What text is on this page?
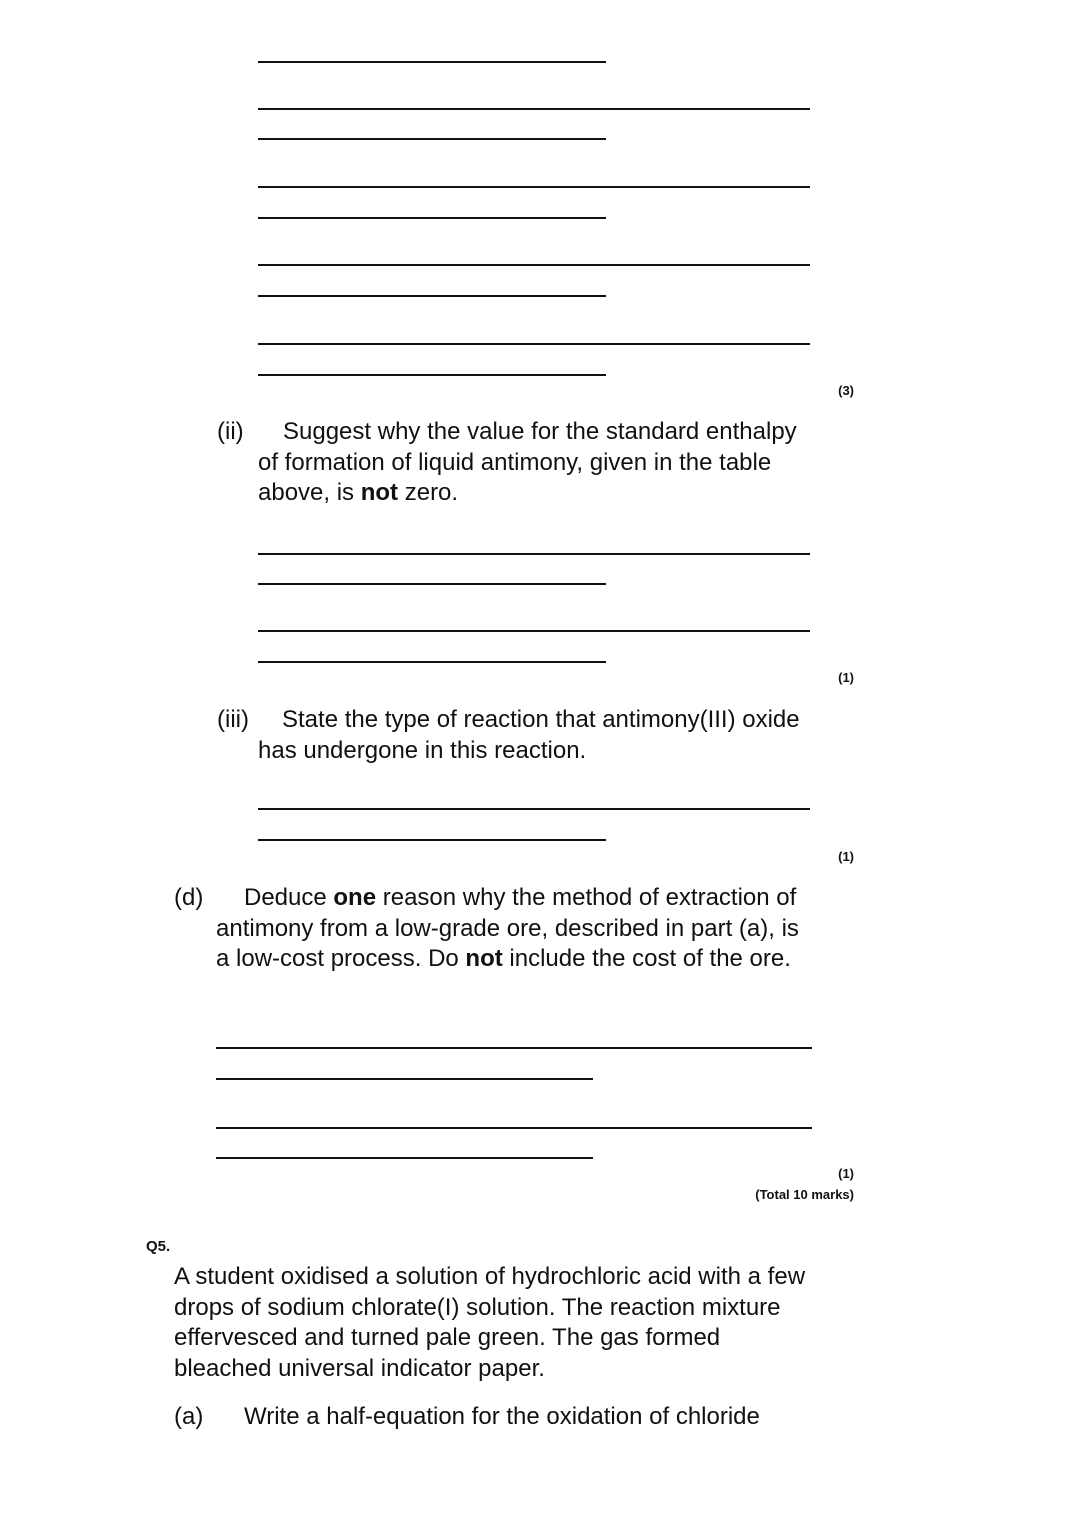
(3)
(ii)	Suggest why the value for the standard enthalpy of formation of liquid antimony, given in the table above, is not zero.

(1)
(iii)	State the type of reaction that antimony(III) oxide has undergone in this reaction.

(1)
(d)	Deduce one reason why the method of extraction of antimony from a low-grade ore, described in part (a), is a low-cost process. Do not include the cost of the ore.

(1)
(Total 10 marks)
Q5.

A student oxidised a solution of hydrochloric acid with a few drops of sodium chlorate(I) solution. The reaction mixture effervesced and turned pale green. The gas formed bleached universal indicator paper.

(a)	Write a half-equation for the oxidation of chloride
